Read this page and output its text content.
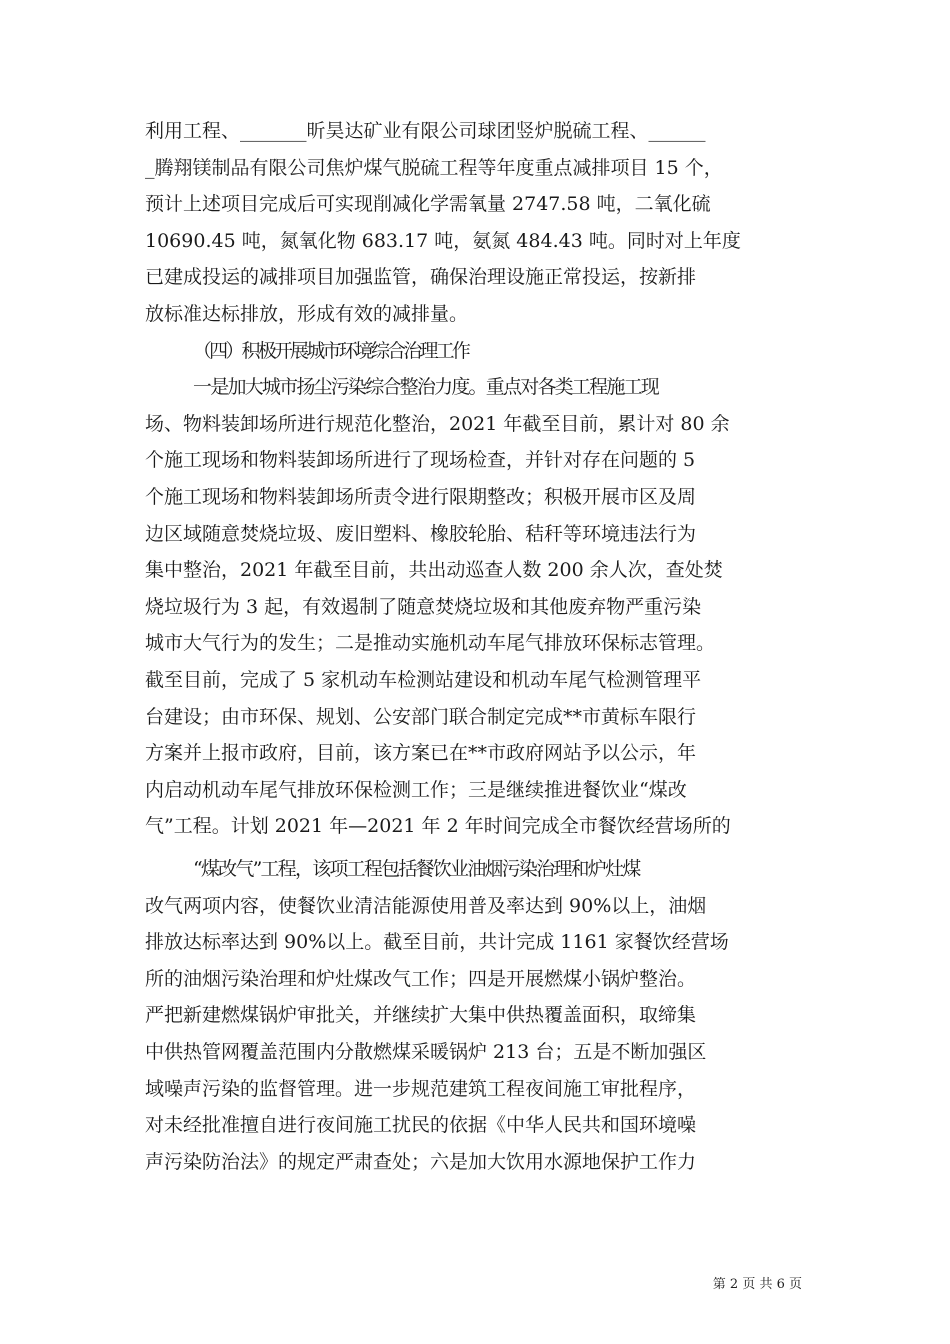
利用工程、_______昕昊达矿业有限公司球团竖炉脱硫工程、______
_腾翔镁制品有限公司焦炉煤气脱硫工程等年度重点减排项目 15 个，
预计上述项目完成后可实现削减化学需氧量 2747.58 吨，二氧化硫
10690.45 吨，氮氧化物 683.17 吨，氨氮 484.43 吨。同时对上年度
已建成投运的减排项目加强监管，确保治理设施正常投运，按新排
放标准达标排放，形成有效的减排量。
（四）积极开展城市环境综合治理工作
一是加大城市扬尘污染综合整治力度。重点对各类工程施工现
场、物料装卸场所进行规范化整治，2021 年截至目前，累计对 80 余
个施工现场和物料装卸场所进行了现场检查，并针对存在问题的 5
个施工现场和物料装卸场所责令进行限期整改；积极开展市区及周
边区域随意焚烧垃圾、废旧塑料、橡胶轮胎、秸秆等环境违法行为
集中整治，2021 年截至目前，共出动巡查人数 200 余人次，查处焚
烧垃圾行为 3 起，有效遏制了随意焚烧垃圾和其他废弃物严重污染
城市大气行为的发生；二是推动实施机动车尾气排放环保标志管理。
截至目前，完成了 5 家机动车检测站建设和机动车尾气检测管理平
台建设；由市环保、规划、公安部门联合制定完成**市黄标车限行
方案并上报市政府，目前，该方案已在**市政府网站予以公示，年
内启动机动车尾气排放环保检测工作；三是继续推进餐饮业“煤改
气”工程。计划 2021 年—2021 年 2 年时间完成全市餐饮经营场所的
“煤改气”工程，该项工程包括餐饮业油烟污染治理和炉灶煤
改气两项内容，使餐饮业清洁能源使用普及率达到 90%以上，油烟
排放达标率达到 90%以上。截至目前，共计完成 1161 家餐饮经营场
所的油烟污染治理和炉灶煤改气工作；四是开展燃煤小锅炉整治。
严把新建燃煤锅炉审批关，并继续扩大集中供热覆盖面积，取缔集
中供热管网覆盖范围内分散燃煤采暖锅炉 213 台；五是不断加强区
域噪声污染的监督管理。进一步规范建筑工程夜间施工审批程序，
对未经批准擅自进行夜间施工扰民的依据《中华人民共和国环境噪
声污染防治法》的规定严肃查处；六是加大饮用水源地保护工作力
第 2 页 共 6 页
